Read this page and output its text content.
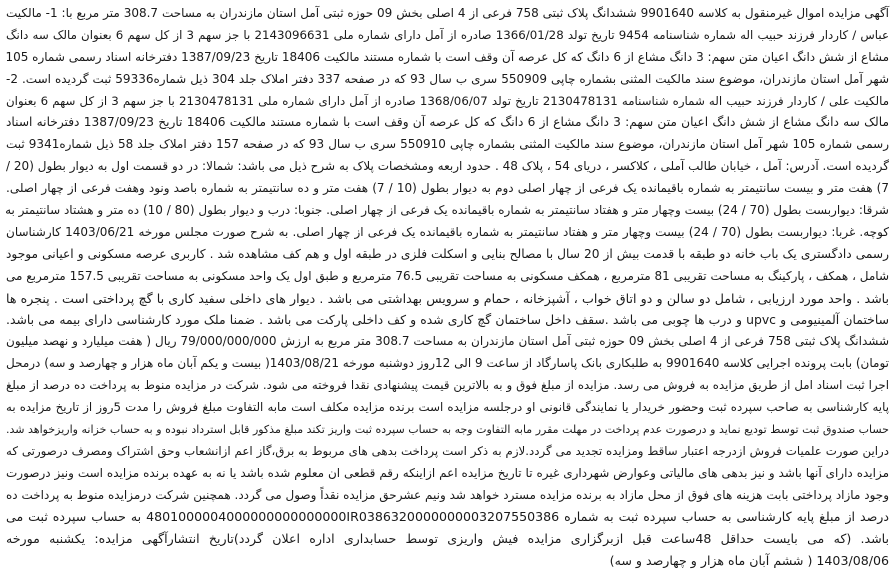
آگهی مزایده اموال غیرمنقول به کلاسه 9901640 ششدانگ پلاک ثبتی 758 فرعی از 4 اصلی بخش 09 حوزه ثبتی آمل استان مازندران به مساحت 308.7 متر مربع با: 1- مالکیت
عباس / کاردار فرزند حبیب اله شماره شناسنامه 9454 تاریخ تولد 1366/01/28 صادره از آمل دارای شماره ملی 2143096631 با جز سهم 3 از کل سهم 6 بعنوان مالک سه دانگ
مشاع از شش دانگ اعیان متن سهم: 3 دانگ مشاع از 6 دانگ که کل عرصه آن وقف است با شماره مستند مالکیت 18406 تاریخ 1387/09/23 دفترخانه اسناد رسمی شماره 105
شهر آمل استان مازندران، موضوع سند مالکیت المثنی بشماره چاپی 550909 سری ب سال 93 که در صفحه 337 دفتر املاک جلد 304 ذیل شماره59336 ثبت گردیده است. 2-
مالکیت علی / کاردار فرزند حبیب اله شماره شناسنامه 2130478131 تاریخ تولد 1368/06/07 صادره از آمل دارای شماره ملی 2130478131 با جز سهم 3 از کل سهم 6 بعنوان
مالک سه دانگ مشاع از شش دانگ اعیان متن سهم: 3 دانگ مشاع از 6 دانگ که کل عرصه آن وقف است با شماره مستند مالکیت 18406 تاریخ 1387/09/23 دفترخانه اسناد
رسمی شماره 105 شهر آمل استان مازندران، موضوع سند مالکیت المثنی بشماره چاپی 550910 سری ب سال 93 که در صفحه 157 دفتر املاک جلد 58 ذیل شماره9341 ثبت
گردیده است. آدرس: آمل ، خیابان طالب آملی ، کلاکسر ، دریای 54 ، پلاک 48 . حدود اربعه ومشخصات پلاک به شرح ذیل می باشد: شمالا: در دو قسمت اول به دیوار بطول (20 /
7) هفت متر و بیست سانتیمتر به شماره باقیمانده یک فرعی از چهار اصلی دوم به دیوار بطول (10 / 7) هفت متر و ده سانتیمتر به شماره باصد ونود وهفت فرعی از چهار اصلی.
شرقا: دیواربست بطول (70 / 24) بیست وچهار متر و هفتاد سانتیمتر به شماره باقیمانده یک فرعی از چهار اصلی. جنوبا: درب و دیوار بطول (80 / 10) ده متر و هشتاد سانتیمتر به
کوچه. غربا: دیواربست بطول (70 / 24) بیست وچهار متر و هفتاد سانتیمتر به شماره باقیمانده یک فرعی از چهار اصلی. به شرح صورت مجلس مورخه 1403/06/21 کارشناسان
رسمی دادگستری یک باب خانه دو طبقه با قدمت بیش از 20 سال با مصالح بنایی و اسکلت فلزی در طبقه اول و هم کف مشاهده شد . کاربری عرصه مسکونی و اعیانی موجود
شامل ، همکف ، پارکینگ به مساحت تقریبی 81 مترمربع ، همکف مسکونی به مساحت تقریبی 76.5 مترمربع و طبق اول یک واحد مسکونی به مساحت تقریبی 157.5 مترمربع می
باشد . واحد مورد ارزیابی ، شامل دو سالن و دو اتاق خواب ، آشپزخانه ، حمام و سرویس بهداشتی می باشد . دیوار های داخلی سفید کاری با گچ پرداختی است . پنجره ها
ساختمان آلمینیومی و upvc و درب ها چوبی می باشد .سقف داخل ساختمان گچ کاری شده و کف داخلی پارکت می باشد . ضمنا ملک مورد کارشناسی دارای بیمه می باشد.
ششدانگ پلاک ثبتی 758 فرعی از 4 اصلی بخش 09 حوزه ثبتی آمل استان مازندران به مساحت 308.7 متر مربع به ارزش 79/000/000/000 ریال ( هفت میلیارد و نهصد میلیون
تومان) بابت پرونده اجرایی کلاسه 9901640 به طلبکاری بانک پاسارگاد از ساعت 9 الی 12روز دوشنبه مورخه 1403/08/21( بیست و یکم آبان ماه هزار و چهارصد و سه) درمحل
اجرا ثبت اسناد امل از طریق مزایده به فروش می رسد. مزایده از مبلغ فوق و به بالاترین قیمت پیشنهادی نقدا فروخته می شود. شرکت در مزایده منوط به پرداخت ده درصد از مبلغ
پایه کارشناسی به صاحب سپرده ثبت وحضور خریدار یا نمایندگی قانونی او درجلسه مزایده است برنده مزایده مکلف است مابه التفاوت مبلغ فروش را مدت 5روز از تاریخ مزایده به
حساب صندوق ثبت توسط تودیع نماید و درصورت عدم پرداخت در مهلت مقرر مابه التفاوت وجه به حساب سپرده ثبت واریز تکند مبلغ مذکور قابل استرداد نبوده و به حساب خزانه واریزخواهد شد.
دراین صورت علمیات فروش ازدرجه اعتبار ساقط ومزایده تجدید می گردد.لازم به ذکر است پرداخت بدهی های مربوط به برق،گاز اعم ازانشعاب وحق اشتراک ومصرف درصورتی که
مزایده دارای آنها باشد و نیز بدهی های مالیاتی وعوارض شهرداری غیره تا تاریخ مزایده اعم ازاینکه رقم قطعی ان معلوم شده باشد یا نه به عهده برنده مزایده است ونیز درصورت
وجود مازاد پرداختی بابت هزینه های فوق از محل مازاد به برنده مزایده مسترد خواهد شد ونیم عشرحق مزایده نقداً وصول می گردد. همچنین شرکت درمزایده منوط به پرداخت ده
درصد از مبلغ پایه کارشناسی به حساب سپرده ثبت به شماره 4801000004000000000000000IR0386320000000003207550386 به حساب سپرده ثبت می
باشد. (که می بایست حداقل 48ساعت قبل ازبرگزاری مزایده فیش واریزی توسط حسابداری اداره اعلان گردد)تاریخ انتشارآگهی مزایده: یکشنبه مورخه
1403/08/06 ( ششم آبان ماه هزار و چهارصد و سه)
